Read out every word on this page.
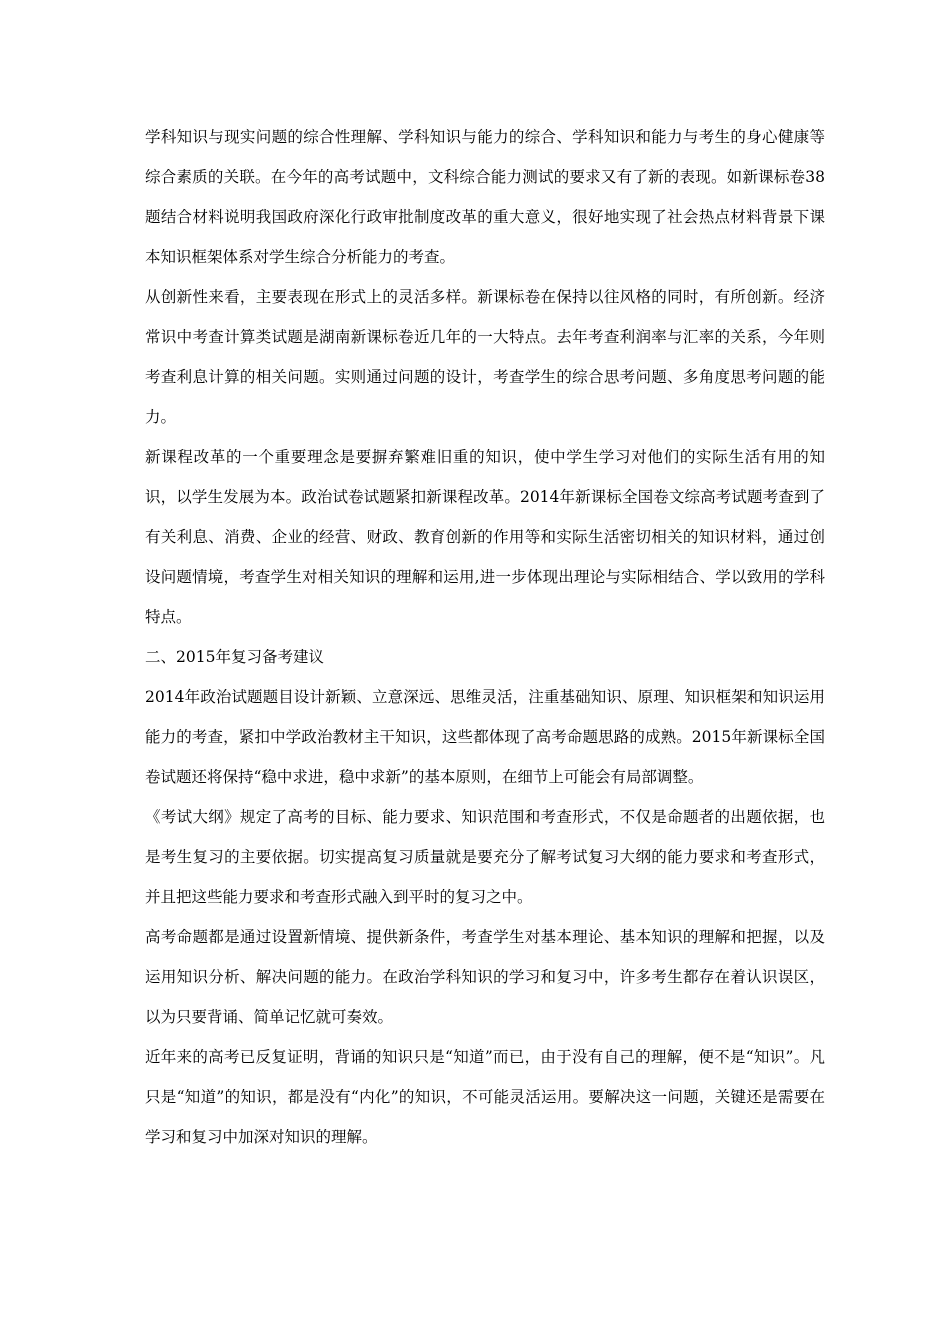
学科知识与现实问题的综合性理解、学科知识与能力的综合、学科知识和能力与考生的身心健康等综合素质的关联。在今年的高考试题中，文科综合能力测试的要求又有了新的表现。如新课标卷38题结合材料说明我国政府深化行政审批制度改革的重大意义，很好地实现了社会热点材料背景下课本知识框架体系对学生综合分析能力的考查。

从创新性来看，主要表现在形式上的灵活多样。新课标卷在保持以往风格的同时，有所创新。经济常识中考查计算类试题是湖南新课标卷近几年的一大特点。去年考查利润率与汇率的关系，今年则考查利息计算的相关问题。实则通过问题的设计，考查学生的综合思考问题、多角度思考问题的能力。

新课程改革的一个重要理念是要摒弃繁难旧重的知识，使中学生学习对他们的实际生活有用的知识，以学生发展为本。政治试卷试题紧扣新课程改革。2014年新课标全国卷文综高考试题考查到了有关利息、消费、企业的经营、财政、教育创新的作用等和实际生活密切相关的知识材料，通过创设问题情境，考查学生对相关知识的理解和运用,进一步体现出理论与实际相结合、学以致用的学科特点。

二、2015年复习备考建议

2014年政治试题题目设计新颖、立意深远、思维灵活，注重基础知识、原理、知识框架和知识运用能力的考查，紧扣中学政治教材主干知识，这些都体现了高考命题思路的成熟。2015年新课标全国卷试题还将保持“稳中求进，稳中求新”的基本原则，在细节上可能会有局部调整。

《考试大纲》规定了高考的目标、能力要求、知识范围和考查形式，不仅是命题者的出题依据，也是考生复习的主要依据。切实提高复习质量就是要充分了解考试复习大纲的能力要求和考查形式，并且把这些能力要求和考查形式融入到平时的复习之中。

高考命题都是通过设置新情境、提供新条件，考查学生对基本理论、基本知识的理解和把握，以及运用知识分析、解决问题的能力。在政治学科知识的学习和复习中，许多考生都存在着认识误区，以为只要背诵、简单记忆就可奏效。

近年来的高考已反复证明，背诵的知识只是“知道”而已，由于没有自己的理解，便不是“知识”。凡只是“知道”的知识，都是没有“内化”的知识，不可能灵活运用。要解决这一问题，关键还是需要在学习和复习中加深对知识的理解。
